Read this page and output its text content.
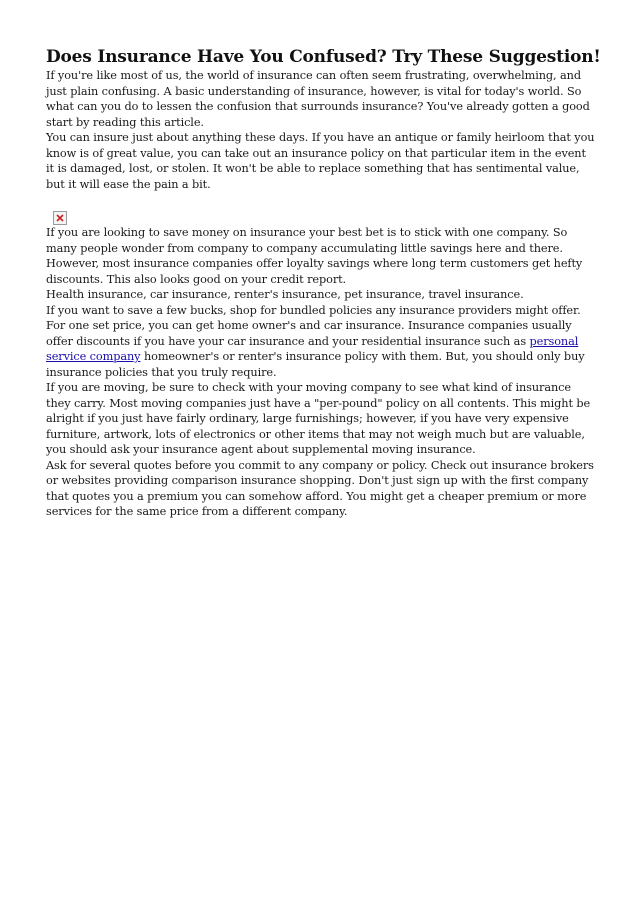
Does Insurance Have You Confused? Try These Suggestion!

If you're like most of us, the world of insurance can often seem frustrating, overwhelming, and just plain confusing. A basic understanding of insurance, however, is vital for today's world. So what can you do to lessen the confusion that surrounds insurance? You've already gotten a good start by reading this article.

You can insure just about anything these days. If you have an antique or family heirloom that you know is of great value, you can take out an insurance policy on that particular item in the event it is damaged, lost, or stolen. It won't be able to replace something that has sentimental value, but it will ease the pain a bit.

If you are looking to save money on insurance your best bet is to stick with one company. So many people wonder from company to company accumulating little savings here and there. However, most insurance companies offer loyalty savings where long term customers get hefty discounts. This also looks good on your credit report.

Health insurance, car insurance, renter's insurance, pet insurance, travel insurance.

If you want to save a few bucks, shop for bundled policies any insurance providers might offer. For one set price, you can get home owner's and car insurance. Insurance companies usually offer discounts if you have your car insurance and your residential insurance such as personal service company homeowner's or renter's insurance policy with them. But, you should only buy insurance policies that you truly require.

If you are moving, be sure to check with your moving company to see what kind of insurance they carry. Most moving companies just have a "per-pound" policy on all contents. This might be alright if you just have fairly ordinary, large furnishings; however, if you have very expensive furniture, artwork, lots of electronics or other items that may not weigh much but are valuable, you should ask your insurance agent about supplemental moving insurance.

Ask for several quotes before you commit to any company or policy. Check out insurance brokers or websites providing comparison insurance shopping. Don't just sign up with the first company that quotes you a premium you can somehow afford. You might get a cheaper premium or more services for the same price from a different company.
